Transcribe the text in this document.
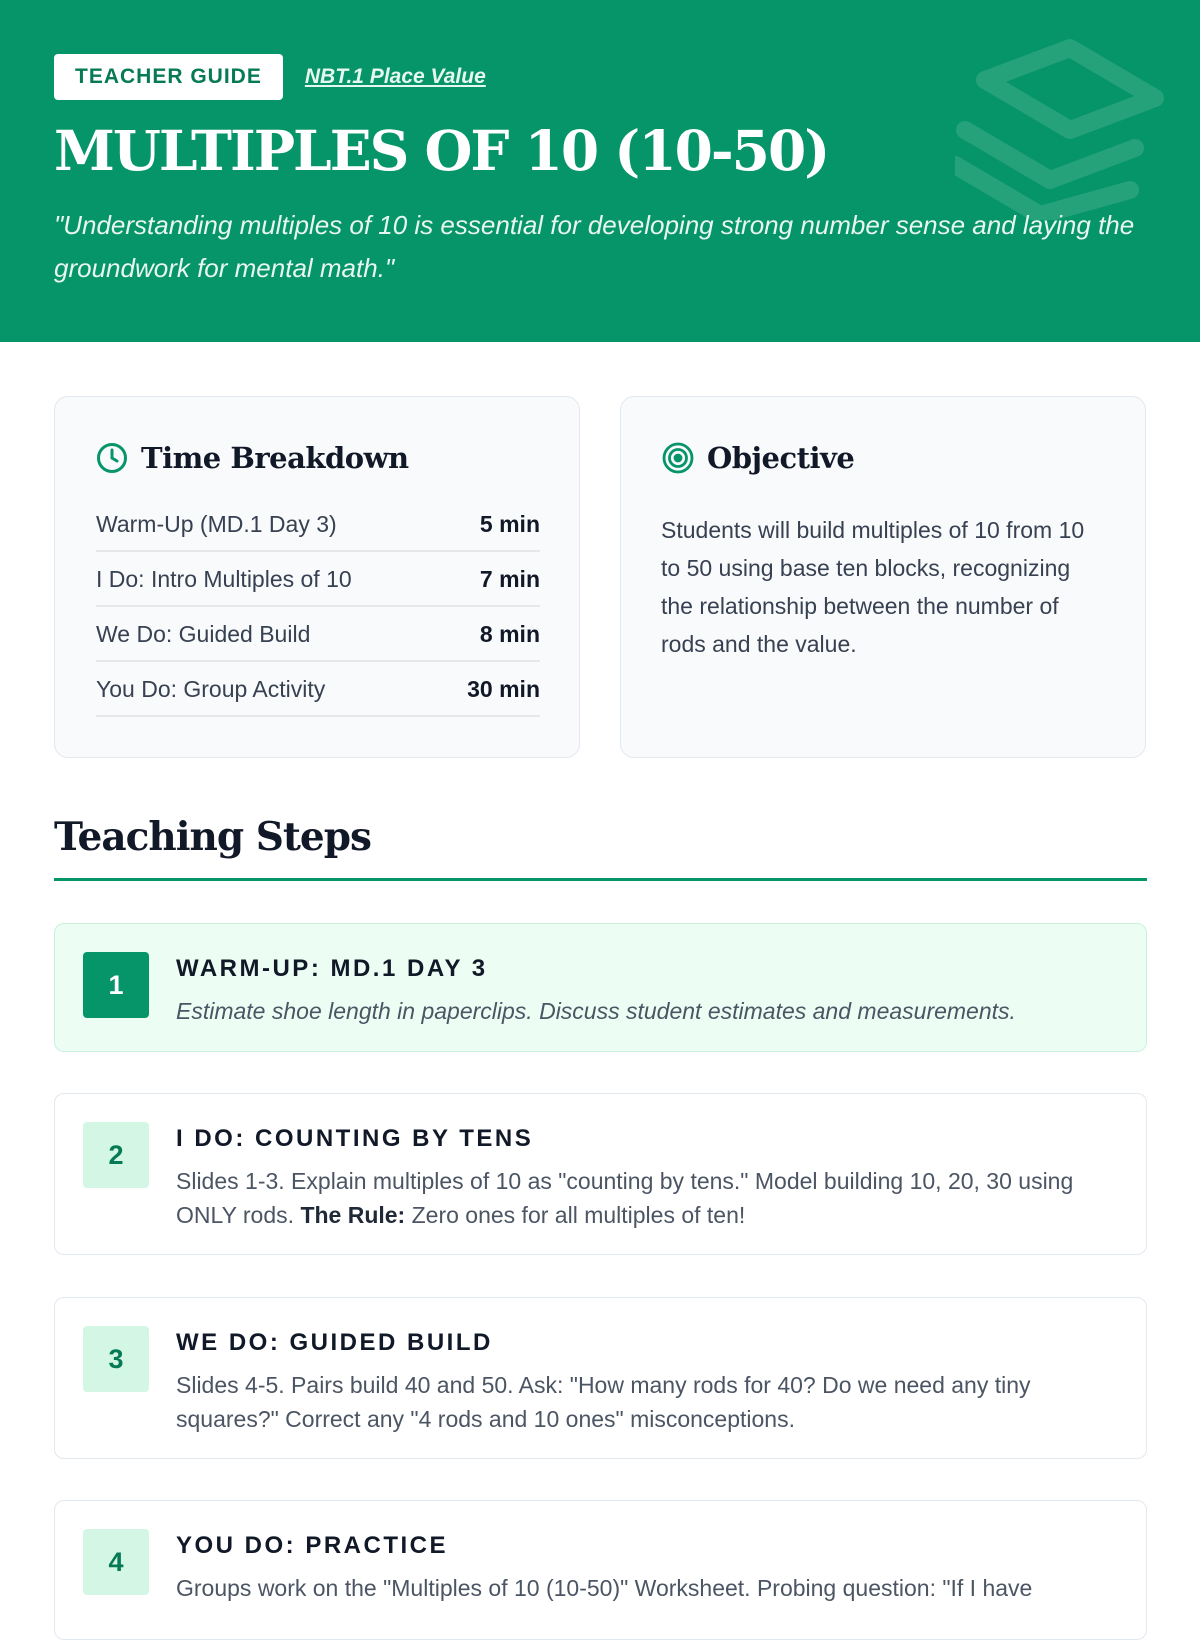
TEACHER GUIDE	NBT.1 Place Value
MULTIPLES OF 10 (10-50)

"Understanding multiples of 10 is essential for developing strong number sense and laying the groundwork for mental math."

Time Breakdown
Warm-Up (MD.1 Day 3)	5 min
I Do: Intro Multiples of 10	7 min
We Do: Guided Build	8 min
You Do: Group Activity	30 min
Objective

Students will build multiples of 10 from 10 to 50 using base ten blocks, recognizing the relationship between the number of rods and the value.

Teaching Steps
1
WARM-UP: MD.1 DAY 3

Estimate shoe length in paperclips. Discuss student estimates and measurements.

2
I DO: COUNTING BY TENS

Slides 1-3. Explain multiples of 10 as "counting by tens." Model building 10, 20, 30 using ONLY rods. The Rule: Zero ones for all multiples of ten!

3
WE DO: GUIDED BUILD

Slides 4-5. Pairs build 40 and 50. Ask: "How many rods for 40? Do we need any tiny squares?" Correct any "4 rods and 10 ones" misconceptions.

4
YOU DO: PRACTICE

Groups work on the "Multiples of 10 (10-50)" Worksheet. Probing question: "If I have
